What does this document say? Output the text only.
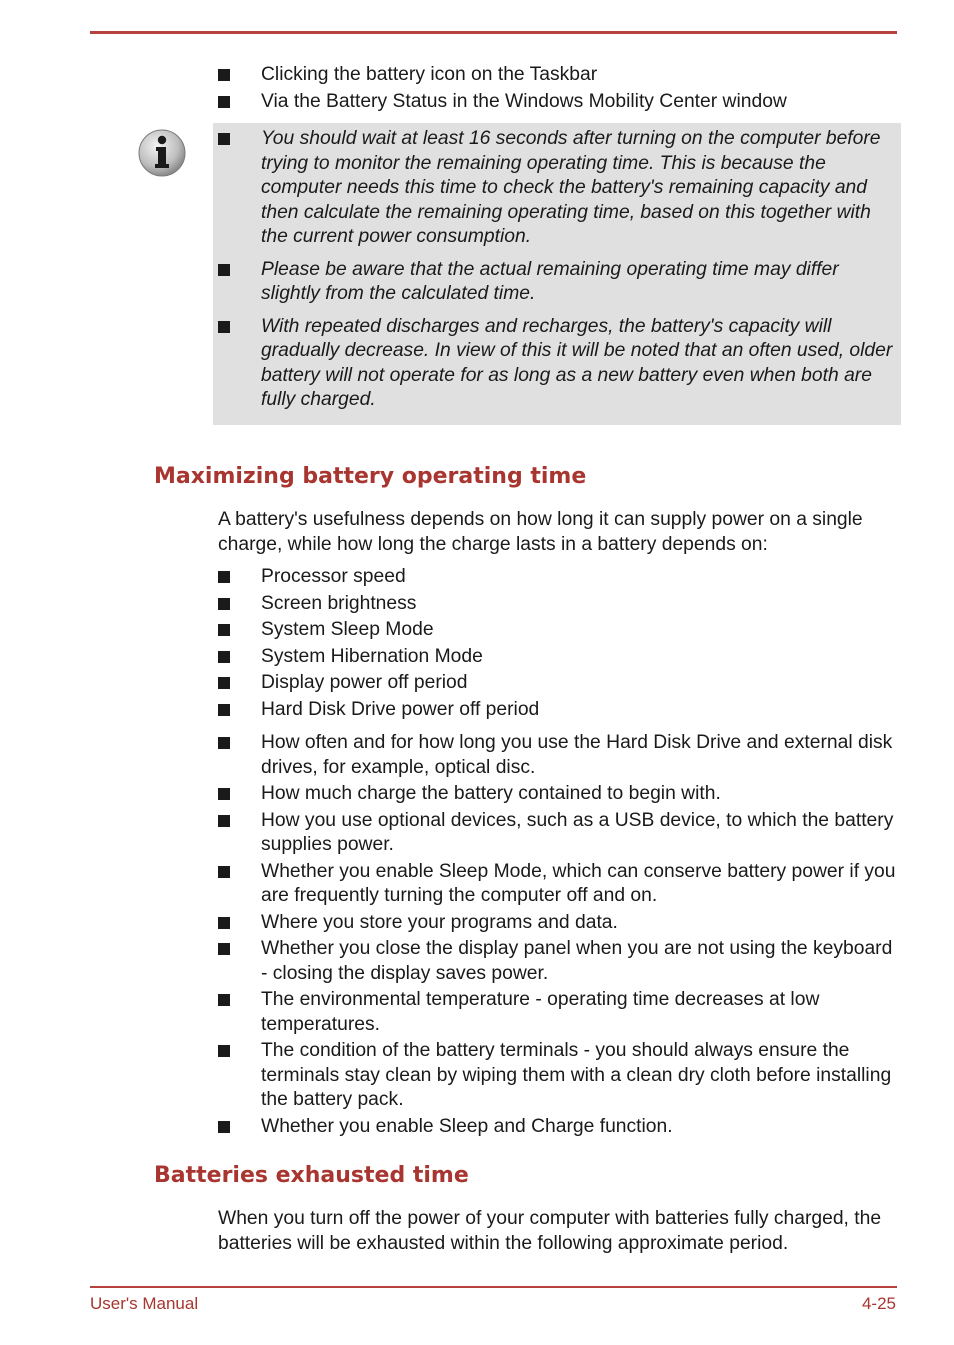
Clicking the battery icon on the Taskbar
Via the Battery Status in the Windows Mobility Center window
You should wait at least 16 seconds after turning on the computer before trying to monitor the remaining operating time. This is because the computer needs this time to check the battery's remaining capacity and then calculate the remaining operating time, based on this together with the current power consumption.
Please be aware that the actual remaining operating time may differ slightly from the calculated time.
With repeated discharges and recharges, the battery's capacity will gradually decrease. In view of this it will be noted that an often used, older battery will not operate for as long as a new battery even when both are fully charged.
Maximizing battery operating time

A battery's usefulness depends on how long it can supply power on a single charge, while how long the charge lasts in a battery depends on:

Processor speed
Screen brightness
System Sleep Mode
System Hibernation Mode
Display power off period
Hard Disk Drive power off period
How often and for how long you use the Hard Disk Drive and external disk drives, for example, optical disc.
How much charge the battery contained to begin with.
How you use optional devices, such as a USB device, to which the battery supplies power.
Whether you enable Sleep Mode, which can conserve battery power if you are frequently turning the computer off and on.
Where you store your programs and data.
Whether you close the display panel when you are not using the keyboard - closing the display saves power.
The environmental temperature - operating time decreases at low temperatures.
The condition of the battery terminals - you should always ensure the terminals stay clean by wiping them with a clean dry cloth before installing the battery pack.
Whether you enable Sleep and Charge function.
Batteries exhausted time

When you turn off the power of your computer with batteries fully charged, the batteries will be exhausted within the following approximate period.

User's Manual	4-25
